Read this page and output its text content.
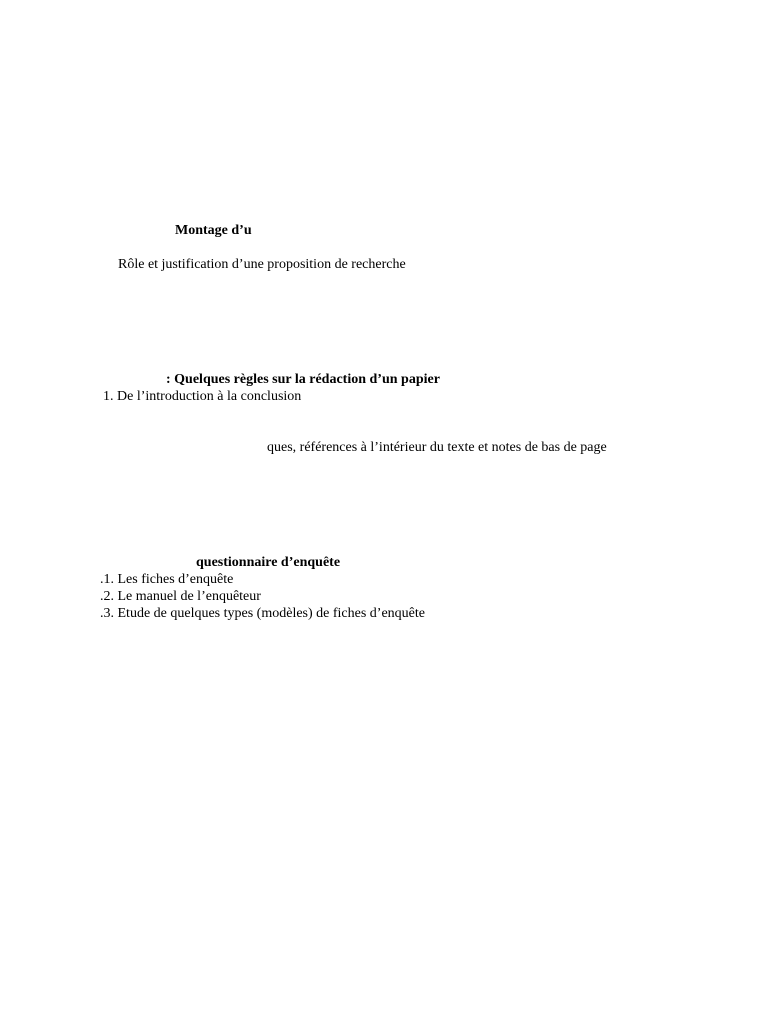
Montage d’u
Rôle et justification d’une proposition de recherche
: Quelques règles sur la rédaction d’un papier
1. De l’introduction à la conclusion
ques, références à l’intérieur du texte et notes de bas de page
questionnaire d’enquête
.1. Les fiches d’enquête
.2. Le manuel de l’enquêteur
.3. Etude de quelques types (modèles) de fiches d’enquête
